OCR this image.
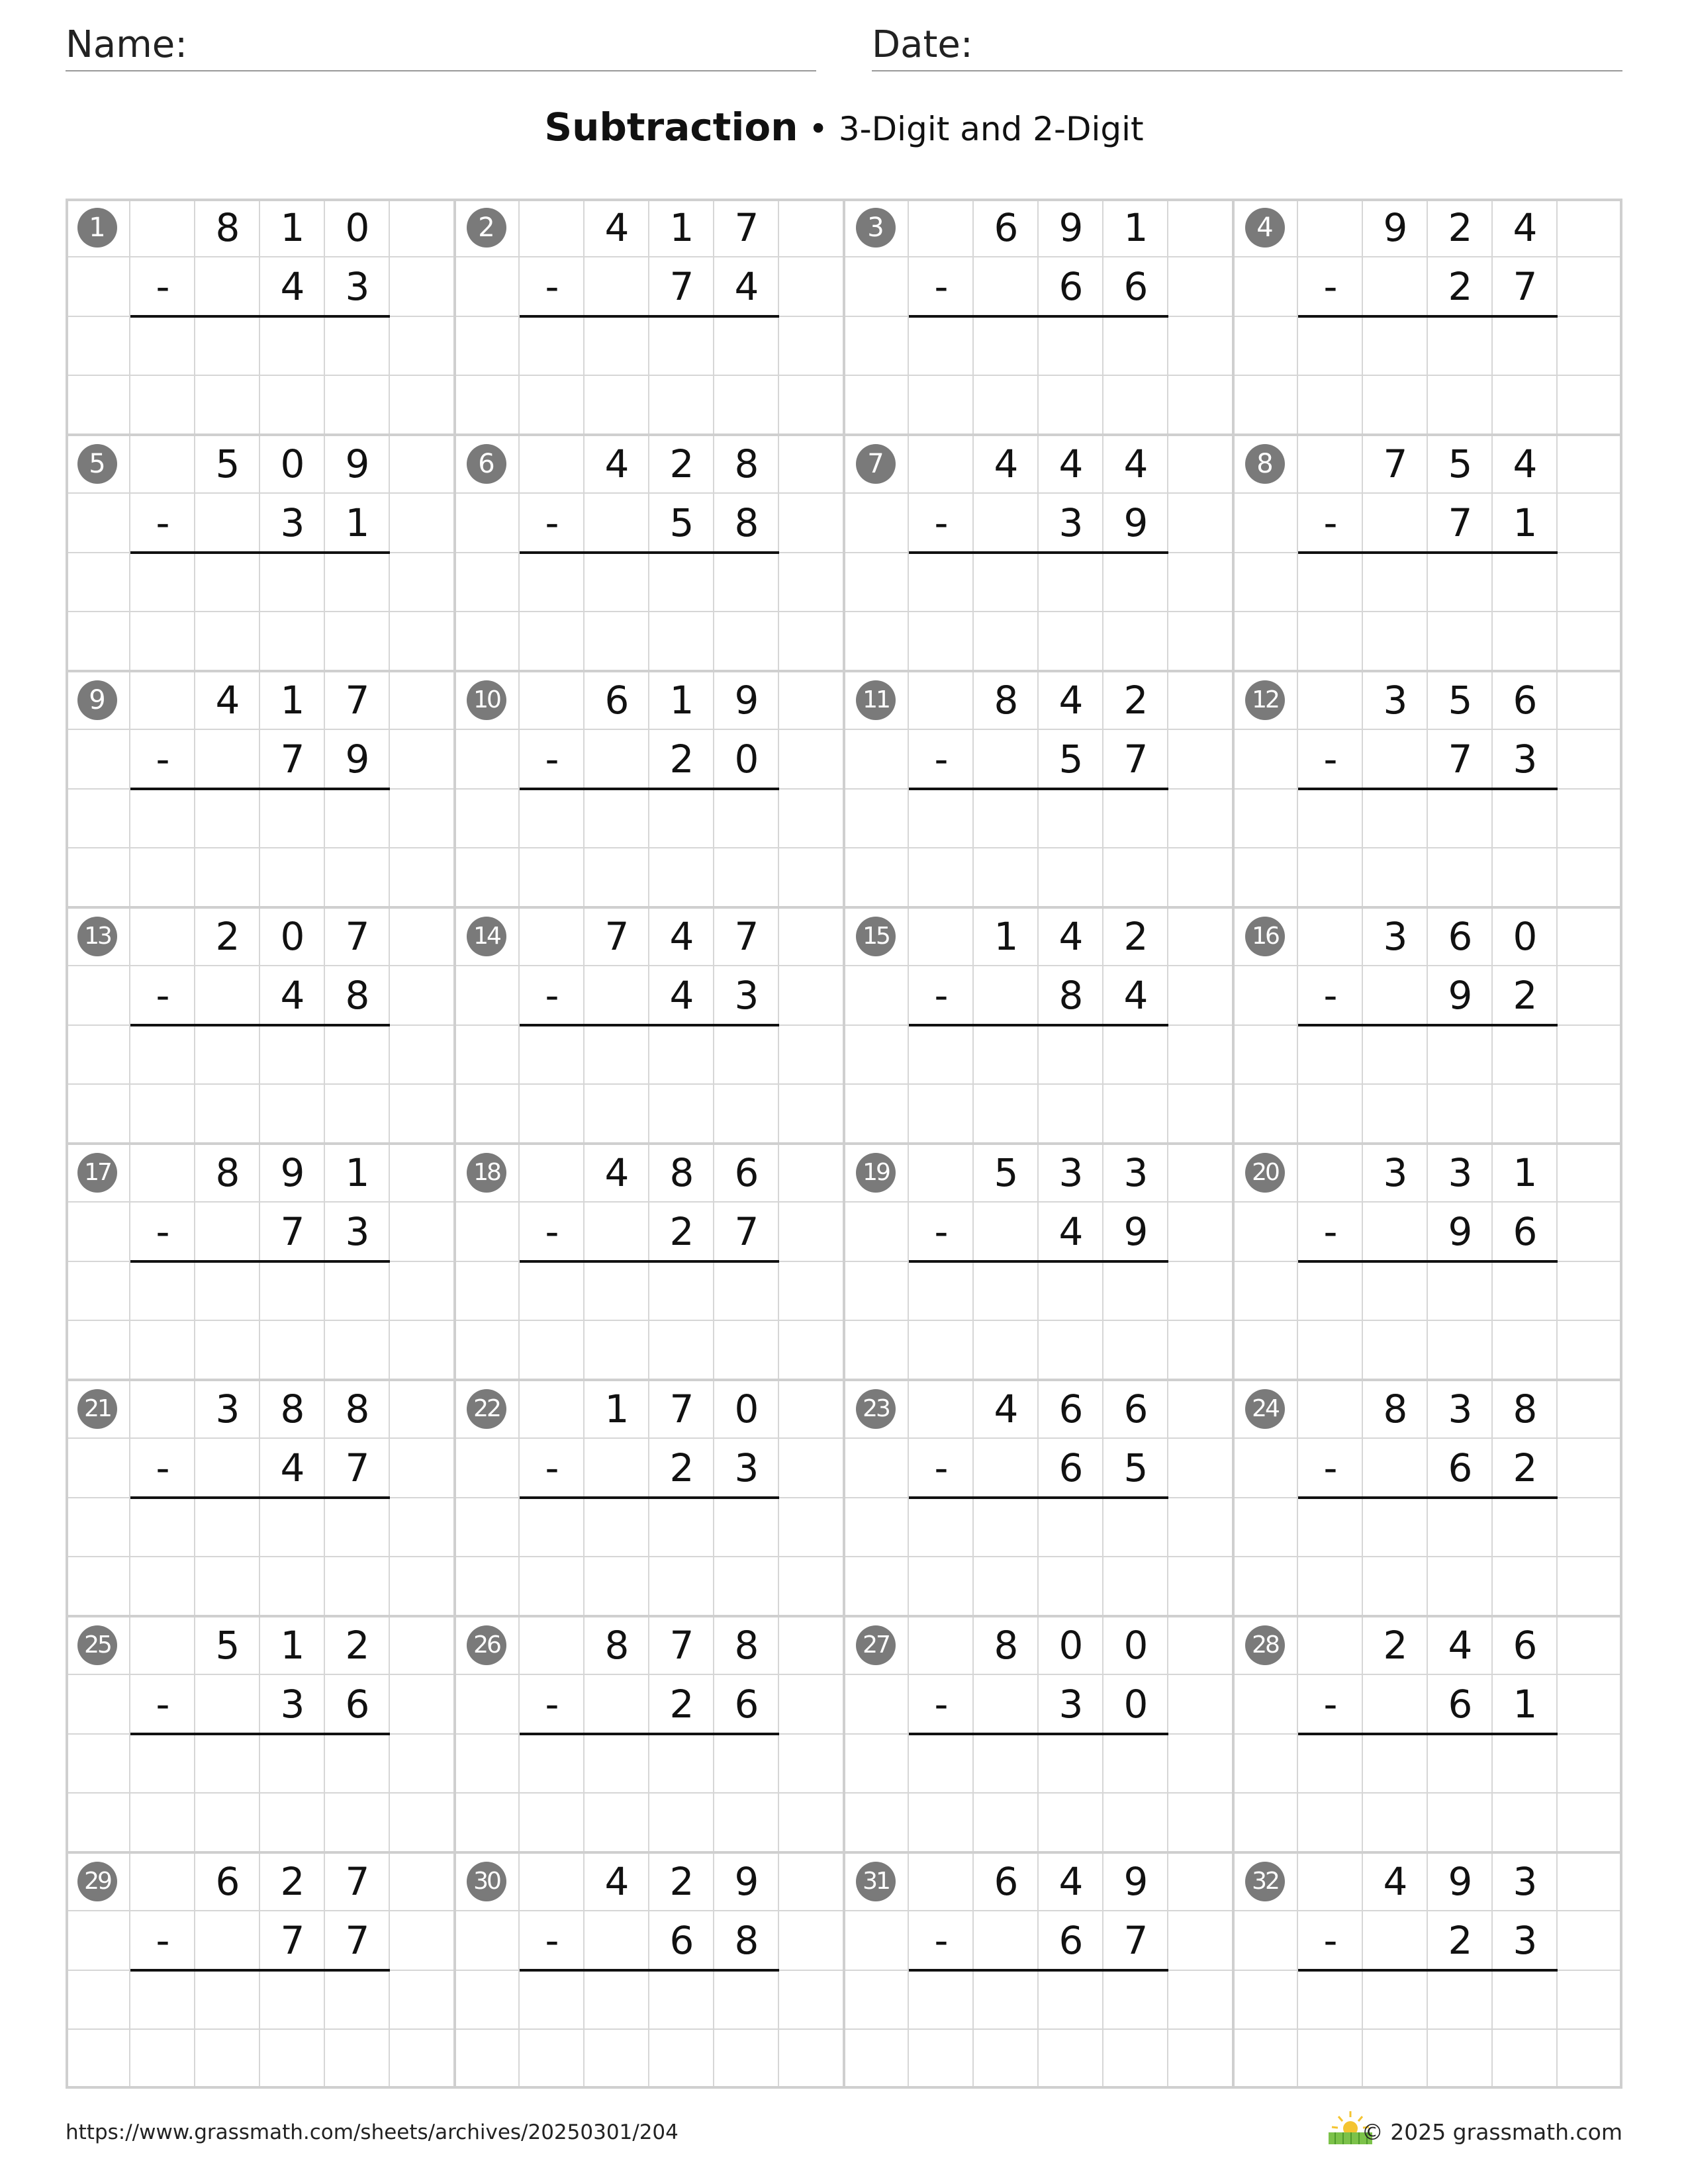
Name:	Date:
Subtraction • 3-Digit and 2-Digit
1	8	1	0
-	4	3
2	4	1	7
-	7	4
3	6	9	1
-	6	6
4	9	2	4
-	2	7
5	5	0	9
-	3	1
6	4	2	8
-	5	8
7	4	4	4
-	3	9
8	7	5	4
-	7	1
9	4	1	7
-	7	9
10	6	1	9
-	2	0
11	8	4	2
-	5	7
12	3	5	6
-	7	3
13	2	0	7
-	4	8
14	7	4	7
-	4	3
15	1	4	2
-	8	4
16	3	6	0
-	9	2
17	8	9	1
-	7	3
18	4	8	6
-	2	7
19	5	3	3
-	4	9
20	3	3	1
-	9	6
21	3	8	8
-	4	7
22	1	7	0
-	2	3
23	4	6	6
-	6	5
24	8	3	8
-	6	2
25	5	1	2
-	3	6
26	8	7	8
-	2	6
27	8	0	0
-	3	0
28	2	4	6
-	6	1
29	6	2	7
-	7	7
30	4	2	9
-	6	8
31	6	4	9
-	6	7
32	4	9	3
-	2	3
https://www.grassmath.com/sheets/archives/20250301/204	© 2025 grassmath.com
